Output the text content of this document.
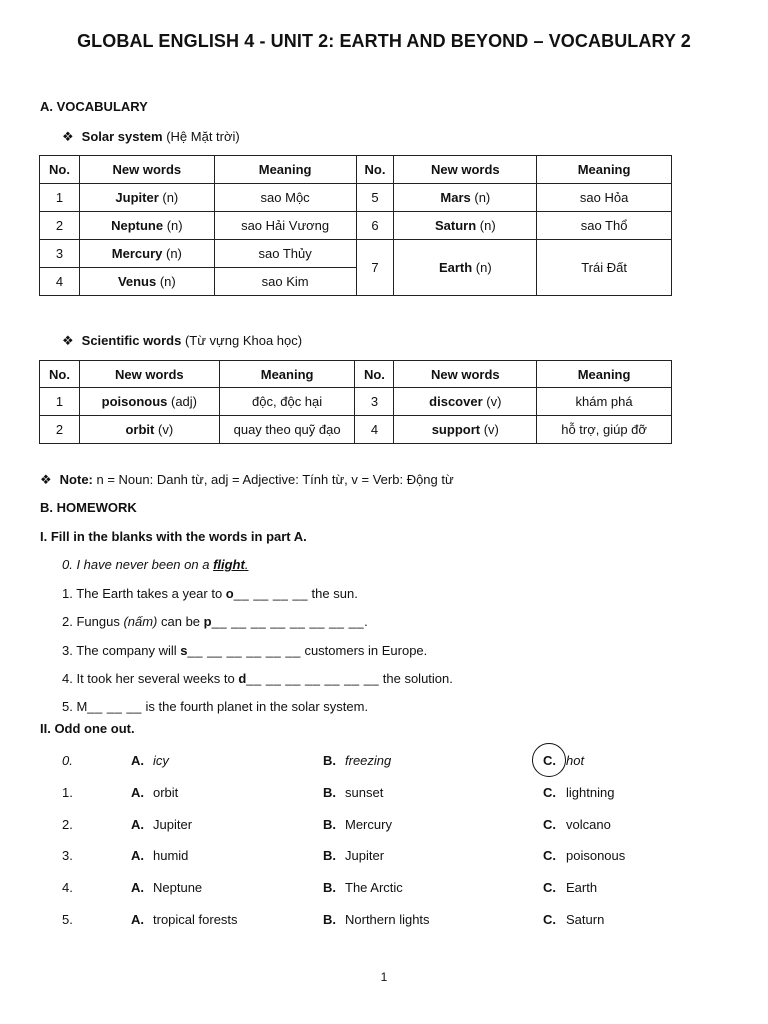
GLOBAL ENGLISH 4 - UNIT 2: EARTH AND BEYOND – VOCABULARY 2
A. VOCABULARY
❖ Solar system (Hệ Mặt trời)
No.	New words	Meaning	No.	New words	Meaning
1	Jupiter (n)	sao Mộc	5	Mars (n)	sao Hỏa
2	Neptune (n)	sao Hải Vương	6	Saturn (n)	sao Thổ
3	Mercury (n)	sao Thủy	7	Earth (n)	Trái Đất
4	Venus (n)	sao Kim			
❖ Scientific words (Từ vựng Khoa học)
No.	New words	Meaning	No.	New words	Meaning
1	poisonous (adj)	độc, độc hại	3	discover (v)	khám phá
2	orbit (v)	quay theo quỹ đạo	4	support (v)	hỗ trợ, giúp đỡ
❖ Note: n = Noun: Danh từ, adj = Adjective: Tính từ, v = Verb: Động từ
B. HOMEWORK
I. Fill in the blanks with the words in part A.
0. I have never been on a flight.
1. The Earth takes a year to o__ __ __ __ the sun.
2. Fungus (nấm) can be p__ __ __ __ __ __ __ __.
3. The company will s__ __ __ __ __ __ customers in Europe.
4. It took her several weeks to d__ __ __ __ __ __ __ the solution.
5. M__ __ __ is the fourth planet in the solar system.
II. Odd one out.
0.	A. icy	B. freezing	C. hot
1.	A. orbit	B. sunset	C. lightning
2.	A. Jupiter	B. Mercury	C. volcano
3.	A. humid	B. Jupiter	C. poisonous
4.	A. Neptune	B. The Arctic	C. Earth
5.	A. tropical forests	B. Northern lights	C. Saturn
1
